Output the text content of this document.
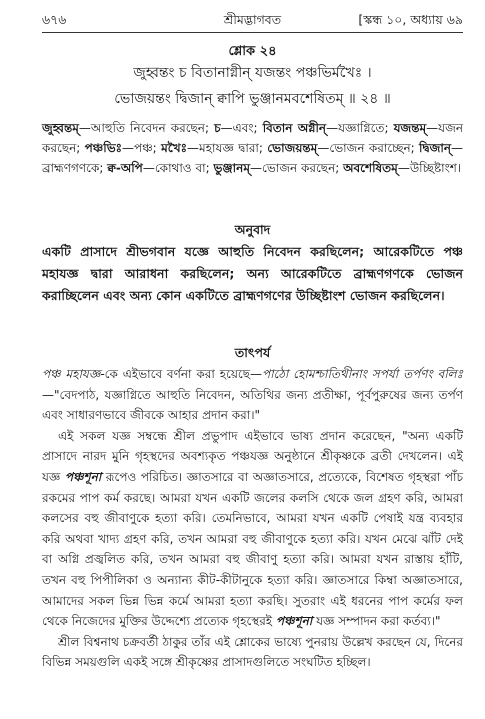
৬৭৬	শ্রীমদ্ভাগবত	[স্কন্ধ ১০, অধ্যায় ৬৯
শ্লোক ২৪
জুহ্বন্তং চ বিতানাগ্নীন্ যজন্তং পঞ্চভির্মখৈঃ ।
ভোজয়ন্তং দ্বিজান্ ক্বাপি ভুঞ্জানমবশেষিতম্ ॥ ২৪ ॥
জুহ্বন্তম্—আহুতি নিবেদন করছেন; চ—এবং; বিতান অগ্নীন্—যজ্ঞাগ্নিতে; যজন্তম্—যজন করছেন; পঞ্চভিঃ—পঞ্চ; মখৈঃ—মহাযজ্ঞ দ্বারা; ভোজয়ন্তম্—ভোজন করাচ্ছেন; দ্বিজান্—ব্রাহ্মণগণকে; ক্ব-অপি—কোথাও বা; ভুঞ্জানম্—ভোজন করছেন; অবশেষিতম্—উচ্ছিষ্টাংশ।
অনুবাদ
একটি প্রাসাদে শ্রীভগবান যজ্ঞে আহুতি নিবেদন করছিলেন; আরেকটিতে পঞ্চ মহাযজ্ঞ দ্বারা আরাধনা করছিলেন; অন্য আরেকটিতে ব্রাহ্মণগণকে ভোজন করাচ্ছিলেন এবং অন্য কোন একটিতে ব্রাহ্মণগণের উচ্ছিষ্টাংশ ভোজন করছিলেন।
তাৎপর্য

পঞ্চ মহাযজ্ঞ-কে এইভাবে বর্ণনা করা হয়েছে—পাঠো হোমশ্চাতিথীনাং সপর্যা তর্পণং বলিঃ—"বেদপাঠ, যজ্ঞাগ্নিতে আহুতি নিবেদন, অতিথির জন্য প্রতীক্ষা, পূর্বপুরুষের জন্য তর্পণ এবং সাধারণভাবে জীবকে আহার প্রদান করা।"

এই সকল যজ্ঞ সম্বন্ধে শ্রীল প্রভুপাদ এইভাবে ভাষ্য প্রদান করেছেন, "অন্য একটি প্রাসাদে নারদ মুনি গৃহস্থদের অবশ্যকৃত পঞ্চযজ্ঞ অনুষ্ঠানে শ্রীকৃষ্ণকে ব্রতী দেখলেন। এই যজ্ঞ পঞ্চশূনা রূপেও পরিচিত। জ্ঞাতসারে বা অজ্ঞাতসারে, প্রত্যেকে, বিশেষত গৃহস্থরা পাঁচ রকমের পাপ কর্ম করছে। আমরা যখন একটি জলের কলসি থেকে জল গ্রহণ করি, আমরা কলসের বহু জীবাণুকে হত্যা করি। তেমনিভাবে, আমরা যখন একটি পেষাই যন্ত্র ব্যবহার করি অথবা খাদ্য গ্রহণ করি, তখন আমরা বহু জীবাণুকে হত্যা করি। যখন মেঝে ঝাঁট দেই বা অগ্নি প্রজ্বলিত করি, তখন আমরা বহু জীবাণু হত্যা করি। আমরা যখন রাস্তায় হাঁটি, তখন বহু পিপীলিকা ও অন্যান্য কীট-কীটানুকে হত্যা করি। জ্ঞাতসারে কিম্বা অজ্ঞাতসারে, আমাদের সকল ভিন্ন ভিন্ন কর্মে আমরা হত্যা করছি। সুতরাং এই ধরনের পাপ কর্মের ফল থেকে নিজেদের মুক্তির উদ্দেশ্যে প্রত্যেক গৃহস্থেরই পঞ্চশূনা যজ্ঞ সম্পাদন করা কর্তব্য।"

শ্রীল বিশ্বনাথ চক্রবর্তী ঠাকুর তাঁর এই শ্লোকের ভাষ্যে পুনরায় উল্লেখ করছেন যে, দিনের বিভিন্ন সময়গুলি একই সঙ্গে শ্রীকৃষ্ণের প্রাসাদগুলিতে সংঘটিত হচ্ছিল।
